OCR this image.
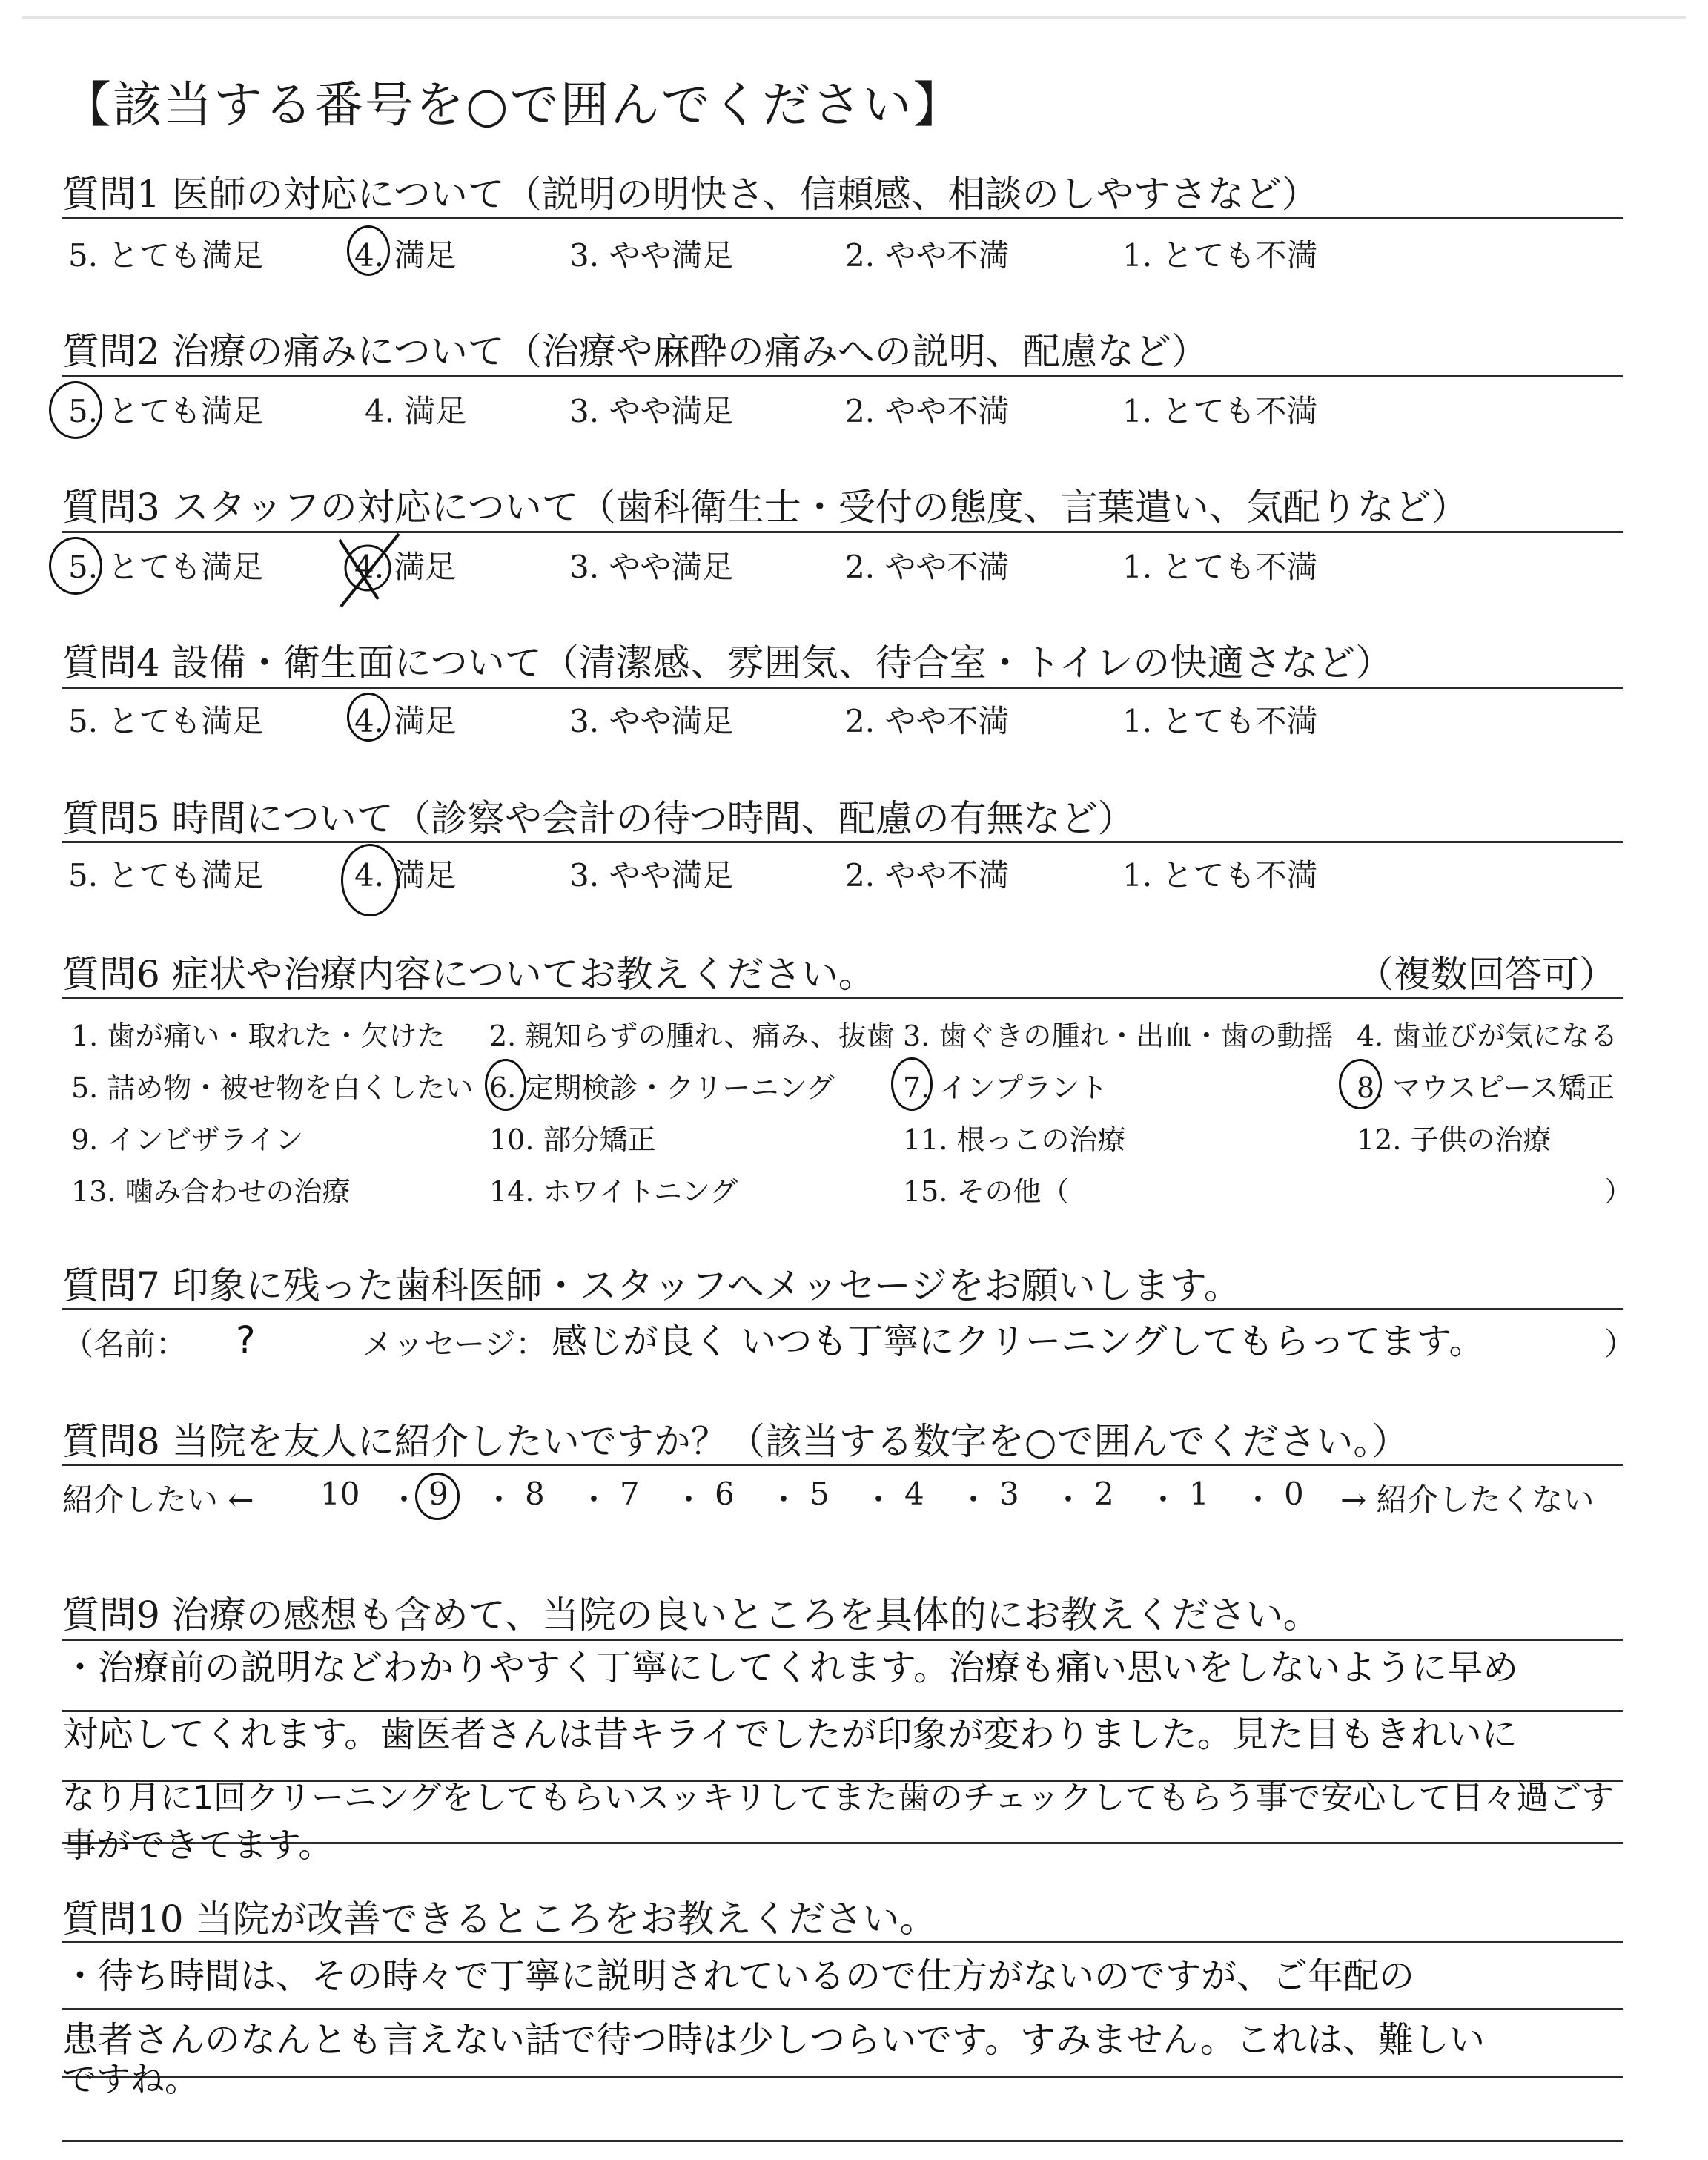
【該当する番号を○で囲んでください】
質問1 医師の対応について（説明の明快さ、信頼感、相談のしやすさなど）
5. とても満足	4. 満足	3. やや満足	2. やや不満	1. とても不満
質問2 治療の痛みについて（治療や麻酔の痛みへの説明、配慮など）
5. とても満足	4. 満足	3. やや満足	2. やや不満	1. とても不満
質問3 スタッフの対応について（歯科衛生士・受付の態度、言葉遣い、気配りなど）
5. とても満足	4. 満足	3. やや満足	2. やや不満	1. とても不満
質問4 設備・衛生面について（清潔感、雰囲気、待合室・トイレの快適さなど）
5. とても満足	4. 満足	3. やや満足	2. やや不満	1. とても不満
質問5 時間について（診察や会計の待つ時間、配慮の有無など）
5. とても満足	4. 満足	3. やや満足	2. やや不満	1. とても不満
質問6 症状や治療内容についてお教えください。	（複数回答可）
1. 歯が痛い・取れた・欠けた 2. 親知らずの腫れ、痛み、抜歯 3. 歯ぐきの腫れ・出血・歯の動揺 4. 歯並びが気になる
5. 詰め物・被せ物を白くしたい 6. 定期検診・クリーニング 7. インプラント	8. マウスピース矯正
9. インビザライン	10. 部分矯正	11. 根っこの治療	12. 子供の治療
13. 噛み合わせの治療	14. ホワイトニング	15. その他（	）
質問7 印象に残った歯科医師・スタッフへメッセージをお願いします。
（名前： ?	メッセージ： 感じが良く いつも丁寧にクリーニングしてもらってます。	）
質問8 当院を友人に紹介したいですか？（該当する数字を○で囲んでください。）
紹介したい ← 10 ・ 9 ・ 8 ・ 7 ・ 6 ・ 5 ・ 4 ・ 3 ・ 2 ・ 1 ・ 0 → 紹介したくない
質問9 治療の感想も含めて、当院の良いところを具体的にお教えください。
・治療前の説明などわかりやすく丁寧にしてくれます。治療も痛い思いをしないように早め
対応してくれます。歯医者さんは昔キライでしたが印象が変わりました。見た目もきれいに
なり月に1回クリーニングをしてもらいスッキリしてまた歯のチェックしてもらう事で安心して日々過ごす
事ができてます。
質問10 当院が改善できるところをお教えください。
・待ち時間は、その時々で丁寧に説明されているので仕方がないのですが、ご年配の
患者さんのなんとも言えない話で待つ時は少しつらいです。すみません。これは、難しい
ですね。
